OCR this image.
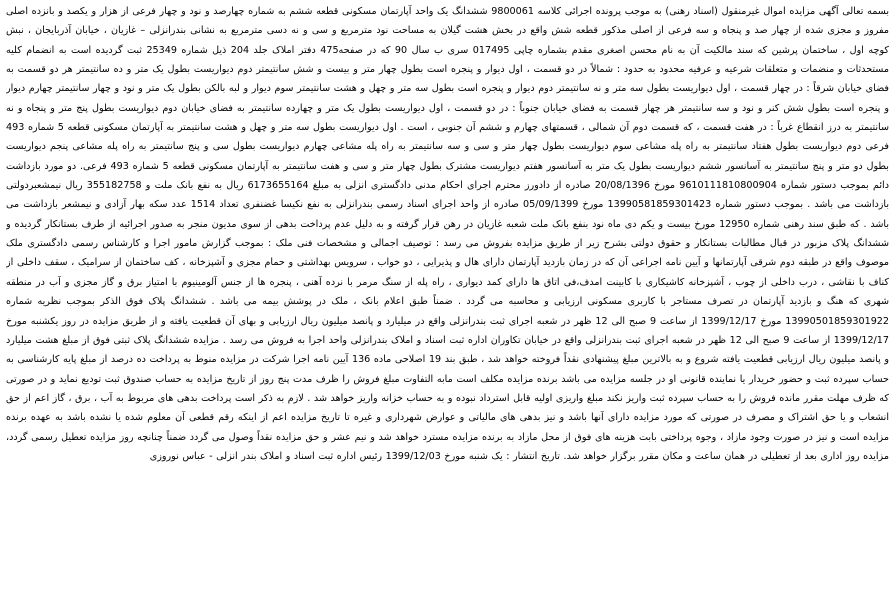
بسمه تعالی آگهی مزایده اموال غیرمنقول (اسناد رهنی) به موجب پرونده اجرائی کلاسه 9800061 ششدانگ یک واحد آپارتمان مسکونی قطعه ششم به شماره چهارصد و نود و چهار فرعی از هزار و یکصد و بانزده اصلی مفروز و مجزی شده از چهار صد و پنجاه و سه فرعی از اصلی مذکور قطعه شش واقع در بخش هشت گیلان به مساحت نود مترمربع و سی و نه دسی مترمربع به نشانی بندرانزلی – غازیان ، خیابان آذربایجان ، نبش کوچه اول ، ساختمان پرشین که سند مالکیت آن به نام محسن اصغری مقدم بشماره چاپی 017495 سری ب سال 90 که در صفحه475 دفتر املاک جلد 204 ذیل شماره 25349 ثبت گردیده است به انضمام کلیه مستحدثات و منضمات و متعلقات شرعیه و عرفیه محدود به حدود : شمالاً در دو قسمت ، اول دیوار و پنجره است بطول چهار متر و بیست و شش سانتیمتر دوم دیواریست بطول یک متر و ده سانتیمتر هر دو قسمت به فضای خیابان شرقاً : در چهار قسمت ، اول دیواریست بطول سه متر و نه سانتیمتر دوم دیوار و پنجره است بطول سه متر و چهل و هشت سانتیمتر سوم دیوار و لبه بالکن بطول یک متر و نود و چهار سانتیمتر چهارم دیوار و پنجره است بطول شش کنر و نود و سه سانتیمتر هر چهار قسمت به فضای خیابان جنوباً : در دو قسمت ، اول دیواریست بطول یک متر و چهارده سانتیمتر به فضای خیابان دوم دیواریست بطول پنج متر و پنجاه و نه سانتیمتر به درز انقطاع غرباً : در هفت قسمت ، که قسمت دوم آن شمالی ، قسمتهای چهارم و ششم آن جنوبی ، است . اول دیواریست بطول سه متر و چهل و هشت سانتیمتر به آپارتمان مسکونی قطعه 5 شماره 493 فرعی دوم دیواریست بطول هفتاد سانتیمتر به راه پله مشاعی سوم دیواریست بطول چهار متر و سی و سه سانتیمتر به راه پله مشاعی چهارم دیواریست بطول سی و پنج سانتیمتر به راه پله مشاعی پنجم دیواریست بطول دو متر و پنج سانتیمتر به آسانسور ششم دیواریست بطول یک متر به آسانسور هفتم دیواریست مشترک بطول چهار متر و سی و هفت سانتیمتر به آپارتمان مسکونی قطعه 5 شماره 493 فرعی. دو مورد بازداشت دائم بموجب دستور شماره 9610111810800904 مورخ 20/08/1396 صادره از دادورز محترم اجرای احکام مدنی دادگستری انزلی به مبلغ 6173655164 ریال به نفع بانک ملت و 355182758 ریال نیمشعبردولتی بازداشت می باشد . بموجب دستور شماره 13990581859301423 مورخ 05/09/1399 صادره از واحد اجرای اسناد رسمی بندرانزلی به نفع نکیسا غضنفری تعداد 1514 عدد سکه بهار آزادی و نیمشعر بازداشت می باشد . که طبق سند رهنی شماره 12950 مورخ بیست و یکم دی ماه نود بنفع بانک ملت شعبه غازیان در رهن قرار گرفته و به دلیل عدم پرداخت بدهی از سوی مدیون منجر به صدور اجرائیه از طرف بستانکار گردیده و ششدانگ پلاک مزبور در قبال مطالبات بستانکار و حقوق دولتی بشرح زیر از طریق مزایده بفروش می رسد : توصیف اجمالی و مشخصات فنی ملک : بموجب گزارش مامور اجرا و کارشناس رسمی دادگستری ملک موصوف واقع در طبقه دوم شرقی آپارتمانها و آیین نامه اجراعی آن که در زمان بازدید آپارتمان دارای هال و پذیرایی ، دو خواب ، سرویس بهداشتی و حمام مجزی و آشپزخانه ، کف ساختمان از سرامیک ، سقف داخلی از کناف با نقاشی ، درب داخلی از چوب ، آشپزخانه کاشیکاری با کابینت امدف،فی اتاق ها دارای کمد دیواری ، راه پله از سنگ مرمر با نرده آهنی ، پنجره ها از جنس آلومینیوم با امتیاز برق و گاز مجزی و آب در منطقه شهری که هنگ و بازدید آپارتمان در تصرف مستاجر با کاربری مسکونی ارزیابی و محاسبه می گردد . ضمناً طبق اعلام بانک ، ملک در پوشش بیمه می باشد . ششدانگ پلاک فوق الذکر بموجب نظریه شماره 13990501859301922 مورخ 1399/12/17 از ساعت 9 صبح الی 12 ظهر در شعبه اجرای ثبت بندرانزلی واقع در میلیارد و پانصد میلیون ریال ارزیابی و بهای آن قطعیت یافته و از طریق مزایده در روز یکشنبه مورخ 1399/12/17 از ساعت 9 صبح الی 12 ظهر در شعبه اجرای ثبت بندرانزلی واقع در خیابان تکاوران اداره ثبت اسناد و املاک بندرانزلی واحد اجرا به فروش می رسد . مزایده ششدانگ پلاک ثبتی فوق از مبلغ هشت میلیارد و پانصد میلیون ریال ارزیابی قطعیت یافته شروع و به بالاترین مبلغ پیشنهادی نقداً فروخته خواهد شد ، طبق بند 19 اصلاحی ماده 136 آیین نامه اجرا شرکت در مزایده منوط به پرداخت ده درصد از مبلغ پایه کارشناسی به حساب سپرده ثبت و حضور خریدار یا نماینده قانونی او در جلسه مزایده می باشد برنده مزایده مکلف است مابه التفاوت مبلغ فروش را ظرف مدت پنج روز از تاریخ مزایده به حساب صندوق ثبت تودیع نماید و در صورتی که ظرف مهلت مقرر مانده فروش را به حساب سپرده ثبت واریز نکند مبلغ واریزی اولیه قابل استرداد نبوده و به حساب خزانه واریز خواهد شد . لازم به ذکر است پرداخت بدهی های مربوط به آب ، برق ، گاز اعم از حق انشعاب و یا حق اشتراک و مصرف در صورتی که مورد مزایده دارای آنها باشد و نیز بدهی های مالیاتی و عوارض شهرداری و غیره تا تاریخ مزایده اعم از اینکه رقم قطعی آن معلوم شده یا نشده باشد به عهده برنده مزایده است و نیز در صورت وجود مازاد ، وجوه پرداختی بابت هزینه های فوق از محل مازاد به برنده مزایده مسترد خواهد شد و نیم عشر و حق مزایده نقداً وصول می گردد ضمناً چنانچه روز مزایده تعطیل رسمی گردد، مزایده روز اداری بعد از تعطیلی در همان ساعت و مکان مقرر برگزار خواهد شد. تاریخ انتشار : یک شنبه مورخ 1399/12/03 رئیس اداره ثبت اسناد و املاک بندر انزلی - عباس نوروزی
